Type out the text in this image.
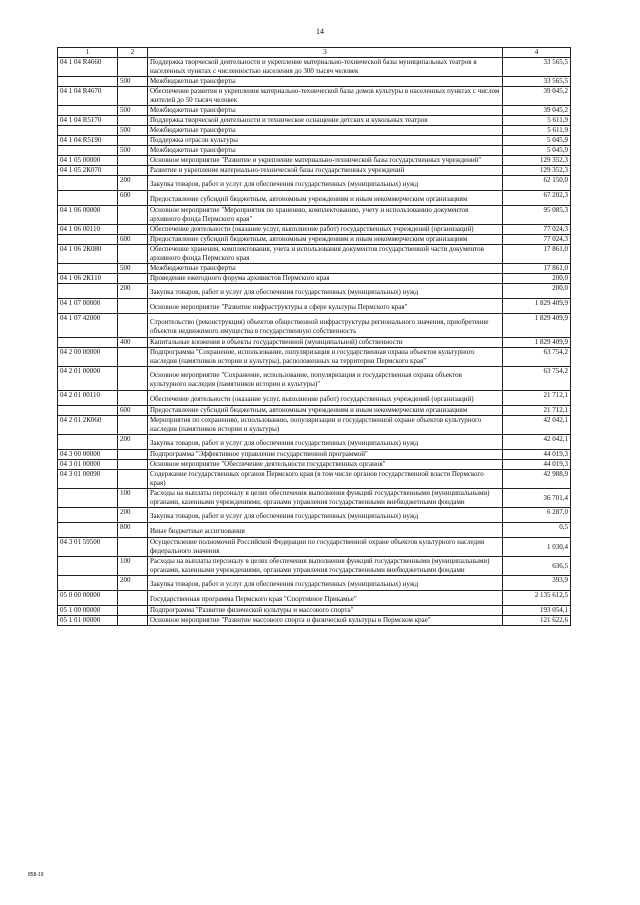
14
1	2	3	4
04 1 04 R4660		Поддержка творческой деятельности и укрепление материально-технической базы муниципальных театров в населенных пунктах с численностью населения до 300 тысяч человек	33 565,5
	500	Межбюджетные трансферты	33 565,5
04 1 04 R4670		Обеспечение развития и укрепления материально-технической базы домов культуры в населенных пунктах с числом жителей до 50 тысяч человек	39 045,2
	500	Межбюджетные трансферты	39 045,2
04 1 04 R5170		Поддержка творческой деятельности и техническое оснащение детских и кукольных театров	5 611,9
	500	Межбюджетные трансферты	5 611,9
04 1 04 R5190		Поддержка отрасли культуры	5 045,9
	500	Межбюджетные трансферты	5 045,9
04 1 05 00000		Основное мероприятие "Развитие и укрепление материально-технической базы государственных учреждений"	129 352,3
04 1 05 2К070		Развитие и укрепление материально-технической базы государственных учреждений	129 352,3
	200	Закупка товаров, работ и услуг для обеспечения государственных (муниципальных) нужд	62 150,0
	600	Предоставление субсидий бюджетным, автономным учреждениям и иным некоммерческим организациям	67 202,3
04 1 06 00000		Основное мероприятие "Мероприятия по хранению, комплектованию, учету и использованию документов архивного фонда Пермского края"	95 085,3
04 1 06 00110		Обеспечение деятельности (оказание услуг, выполнение работ) государственных учреждений (организаций)	77 024,3
	600	Предоставление субсидий бюджетным, автономным учреждениям и иным некоммерческим организациям	77 024,3
04 1 06 2К080		Обеспечение хранения, комплектования, учета и использования документов государственной части документов архивного фонда Пермского края	17 861,0
	500	Межбюджетные трансферты	17 861,0
04 1 06 2К110		Проведение ежегодного форума архивистов Пермского края	200,0
	200	Закупка товаров, работ и услуг для обеспечения государственных (муниципальных) нужд	200,0
04 1 07 00000		Основное мероприятие "Развитие инфраструктуры в сфере культуры Пермского края"	1 829 409,9
04 1 07 42000		Строительство (реконструкция) объектов общественной инфраструктуры регионального значения, приобретение объектов недвижимого имущества в государственную собственность	1 829 409,9
	400	Капитальные вложения в объекты государственной (муниципальной) собственности	1 829 409,9
04 2 00 00000		Подпрограмма "Сохранение, использование, популяризация и государственная охрана объектов культурного наследия (памятников истории и культуры), расположенных на территории Пермского края"	63 754,2
04 2 01 00000		Основное мероприятие "Сохранение, использование, популяризация и государственная охрана объектов культурного наследия (памятников истории и культуры)"	63 754,2
04 2 01 00110		Обеспечение деятельности (оказание услуг, выполнение работ) государственных учреждений (организаций)	21 712,1
	600	Предоставление субсидий бюджетным, автономным учреждениям и иным некоммерческим организациям	21 712,1
04 2 01 2К060		Мероприятия по сохранению, использованию, популяризации и государственной охране объектов культурного наследия (памятников истории и культуры)	42 042,1
	200	Закупка товаров, работ и услуг для обеспечения государственных (муниципальных) нужд	42 042,1
04 3 00 00000		Подпрограмма "Эффективное управление государственной программой"	44 019,3
04 3 01 00000		Основное мероприятие "Обеспечение деятельности государственных органов"	44 019,3
04 3 01 00090		Содержание государственных органов Пермского края (в том числе органов государственной власти Пермского края)	42 988,9
	100	Расходы на выплаты персоналу в целях обеспечения выполнения функций государственными (муниципальными) органами, казенными учреждениями, органами управления государственными внебюджетными фондами	36 701,4
	200	Закупка товаров, работ и услуг для обеспечения государственных (муниципальных) нужд	6 287,0
	800	Иные бюджетные ассигнования	0,5
04 3 01 59500		Осуществление полномочий Российской Федерации по государственной охране объектов культурного наследия федерального значения	1 030,4
	100	Расходы на выплаты персоналу в целях обеспечения выполнения функций государственными (муниципальными) органами, казенными учреждениями, органами управления государственными внебюджетными фондами	636,5
	200	Закупка товаров, работ и услуг для обеспечения государственных (муниципальных) нужд	393,9
05 0 00 00000		Государственная программа Пермского края "Спортивное Прикамье"	2 135 612,5
05 1 00 00000		Подпрограмма "Развитие физической культуры и массового спорта"	193 054,1
05 1 01 00000		Основное мероприятие "Развитие массового спорта и физической культуры в Пермском крае"	121 622,6
858-19
